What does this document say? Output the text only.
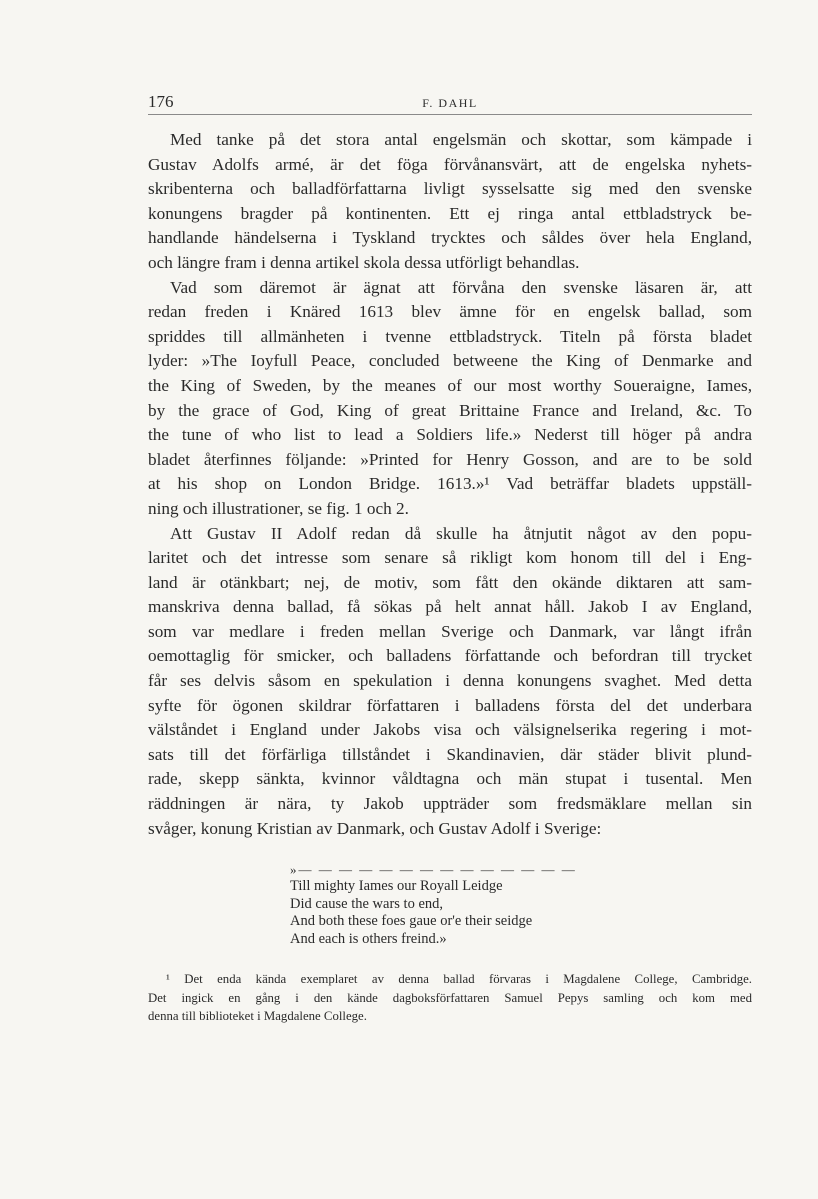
176	F. DAHL
Med tanke på det stora antal engelsmän och skottar, som kämpade i
Gustav Adolfs armé, är det föga förvånansvärt, att de engelska nyhets-
skribenterna och balladförfattarna livligt sysselsatte sig med den svenske
konungens bragder på kontinenten. Ett ej ringa antal ettbladstryck be-
handlande händelserna i Tyskland trycktes och såldes över hela England,
och längre fram i denna artikel skola dessa utförligt behandlas.
Vad som däremot är ägnat att förvåna den svenske läsaren är, att
redan freden i Knäred 1613 blev ämne för en engelsk ballad, som
spriddes till allmänheten i tvenne ettbladstryck. Titeln på första bladet
lyder: »The Ioyfull Peace, concluded betweene the King of Denmarke and
the King of Sweden, by the meanes of our most worthy Soueraigne, Iames,
by the grace of God, King of great Brittaine France and Ireland, &c. To
the tune of who list to lead a Soldiers life.» Nederst till höger på andra
bladet återfinnes följande: »Printed for Henry Gosson, and are to be sold
at his shop on London Bridge. 1613.»¹ Vad beträffar bladets uppställ-
ning och illustrationer, se fig. 1 och 2.
Att Gustav II Adolf redan då skulle ha åtnjutit något av den popu-
laritet och det intresse som senare så rikligt kom honom till del i Eng-
land är otänkbart; nej, de motiv, som fått den okände diktaren att sam-
manskriva denna ballad, få sökas på helt annat håll. Jakob I av England,
som var medlare i freden mellan Sverige och Danmark, var långt ifrån
oemottaglig för smicker, och balladens författande och befordran till trycket
får ses delvis såsom en spekulation i denna konungens svaghet. Med detta
syfte för ögonen skildrar författaren i balladens första del det underbara
välståndet i England under Jakobs visa och välsignelserika regering i mot-
sats till det förfärliga tillståndet i Skandinavien, där städer blivit plund-
rade, skepp sänkta, kvinnor våldtagna och män stupat i tusental. Men
räddningen är nära, ty Jakob uppträder som fredsmäklare mellan sin
svåger, konung Kristian av Danmark, och Gustav Adolf i Sverige:
»— — — — — — — — — — — — — —
Till mighty Iames our Royall Leidge
Did cause the wars to end,
And both these foes gaue or'e their seidge
And each is others freind.»
¹ Det enda kända exemplaret av denna ballad förvaras i Magdalene College, Cambridge.
Det ingick en gång i den kände dagboksförfattaren Samuel Pepys samling och kom med
denna till biblioteket i Magdalene College.
